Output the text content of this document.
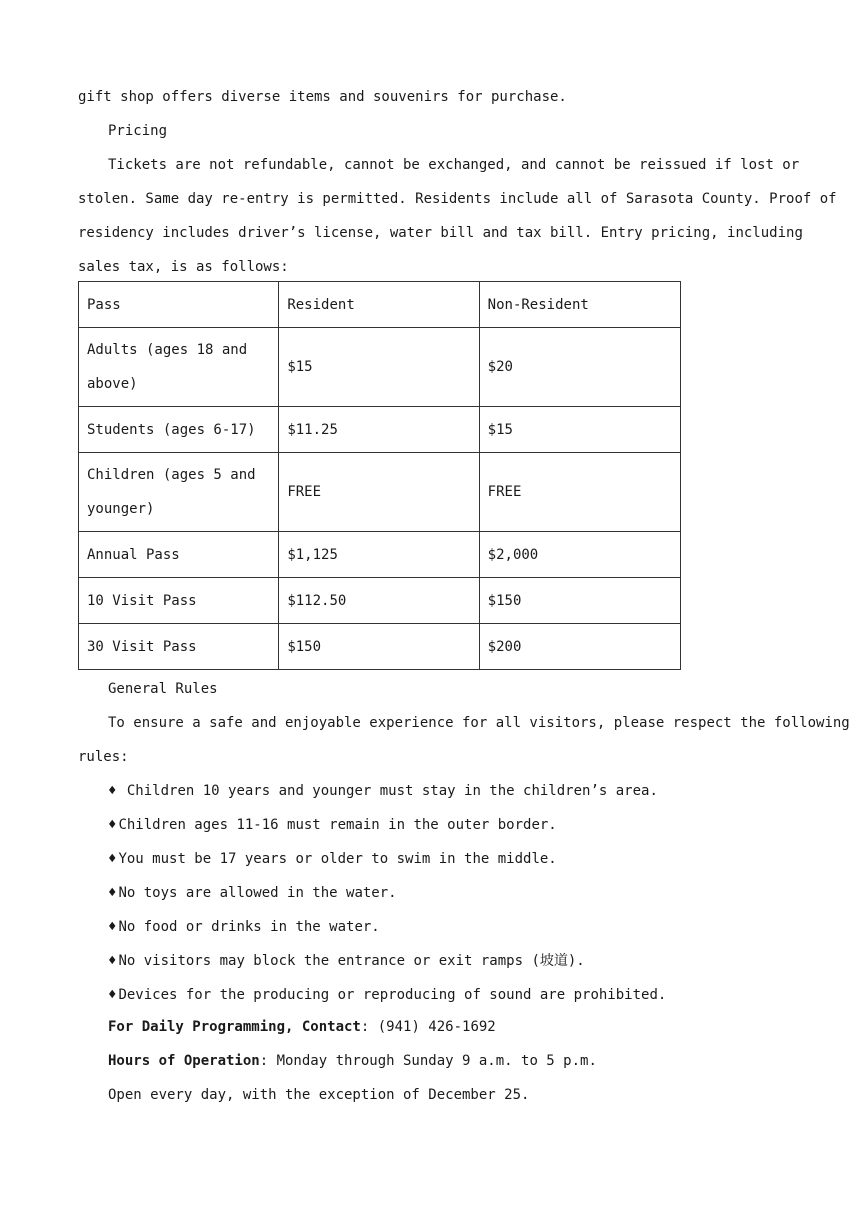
gift shop offers diverse items and souvenirs for purchase.
Pricing
Tickets are not refundable, cannot be exchanged, and cannot be reissued if lost or
stolen. Same day re-entry is permitted. Residents include all of Sarasota County. Proof of
residency includes driver’s license, water bill and tax bill. Entry pricing, including
sales tax, is as follows:
Pass	Resident	Non-Resident
Adults (ages 18 and above)	$15	$20
Students (ages 6-17)	$11.25	$15
Children (ages 5 and younger)	FREE	FREE
Annual Pass	$1,125	$2,000
10 Visit Pass	$112.50	$150
30 Visit Pass	$150	$200
General Rules
To ensure a safe and enjoyable experience for all visitors, please respect the following
rules:
♦ Children 10 years and younger must stay in the children’s area.
♦ Children ages 11-16 must remain in the outer border.
♦ You must be 17 years or older to swim in the middle.
♦ No toys are allowed in the water.
♦ No food or drinks in the water.
♦ No visitors may block the entrance or exit ramps (坡道).
♦ Devices for the producing or reproducing of sound are prohibited.
For Daily Programming, Contact: (941) 426-1692
Hours of Operation: Monday through Sunday 9 a.m. to 5 p.m.
Open every day, with the exception of December 25.
